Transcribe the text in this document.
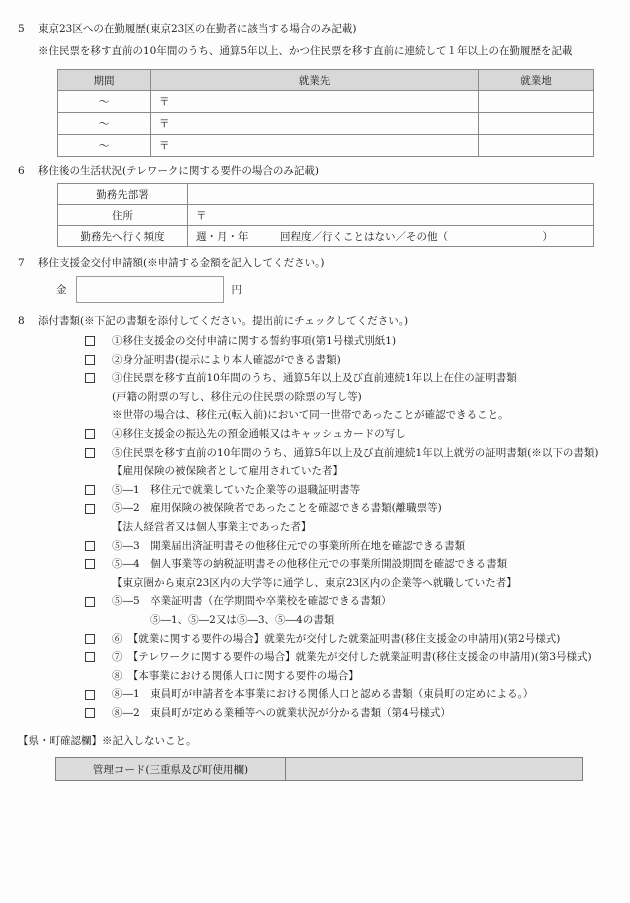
5	東京23区への在勤履歴(東京23区の在勤者に該当する場合のみ記載)
※住民票を移す直前の10年間のうち、通算5年以上、かつ住民票を移す直前に連続して１年以上の在勤履歴を記載
期間	就業先	就業地
〜	〒	
〜	〒	
〜	〒	
6	移住後の生活状況(テレワークに関する要件の場合のみ記載)
勤務先部署	
住所	〒
勤務先へ行く頻度	週・月・年　　　回程度／行くことはない／その他（　　　　　　　　　）
7	移住支援金交付申請額(※申請する金額を記入してください。)
金	円
8	添付書類(※下記の書類を添付してください。提出前にチェックしてください。)
①移住支援金の交付申請に関する誓約事項(第1号様式別紙1)
②身分証明書(提示により本人確認ができる書類)
③住民票を移す直前10年間のうち、通算5年以上及び直前連続1年以上在住の証明書類
(戸籍の附票の写し、移住元の住民票の除票の写し等)
※世帯の場合は、移住元(転入前)において同一世帯であったことが確認できること。
④移住支援金の振込先の預金通帳又はキャッシュカードの写し
⑤住民票を移す直前の10年間のうち、通算5年以上及び直前連続1年以上就労の証明書類(※以下の書類)
【雇用保険の被保険者として雇用されていた者】
⑤―1　移住元で就業していた企業等の退職証明書等
⑤―2　雇用保険の被保険者であったことを確認できる書類(離職票等)
【法人経営者又は個人事業主であった者】
⑤―3　開業届出済証明書その他移住元での事業所所在地を確認できる書類
⑤―4　個人事業等の納税証明書その他移住元での事業所開設期間を確認できる書類
【東京圏から東京23区内の大学等に通学し、東京23区内の企業等へ就職していた者】
⑤―5　卒業証明書（在学期間や卒業校を確認できる書類）
⑤―1、⑤―2又は⑤―3、⑤―4の書類
⑥　【就業に関する要件の場合】就業先が交付した就業証明書(移住支援金の申請用)(第2号様式)
⑦　【テレワークに関する要件の場合】就業先が交付した就業証明書(移住支援金の申請用)(第3号様式)
⑧　【本事業における関係人口に関する要件の場合】
⑧―1　東員町が申請者を本事業における関係人口と認める書類（東員町の定めによる。）
⑧―2　東員町が定める業種等への就業状況が分かる書類（第4号様式）
【県・町確認欄】※記入しないこと。
管理コード(三重県及び町使用欄)	
